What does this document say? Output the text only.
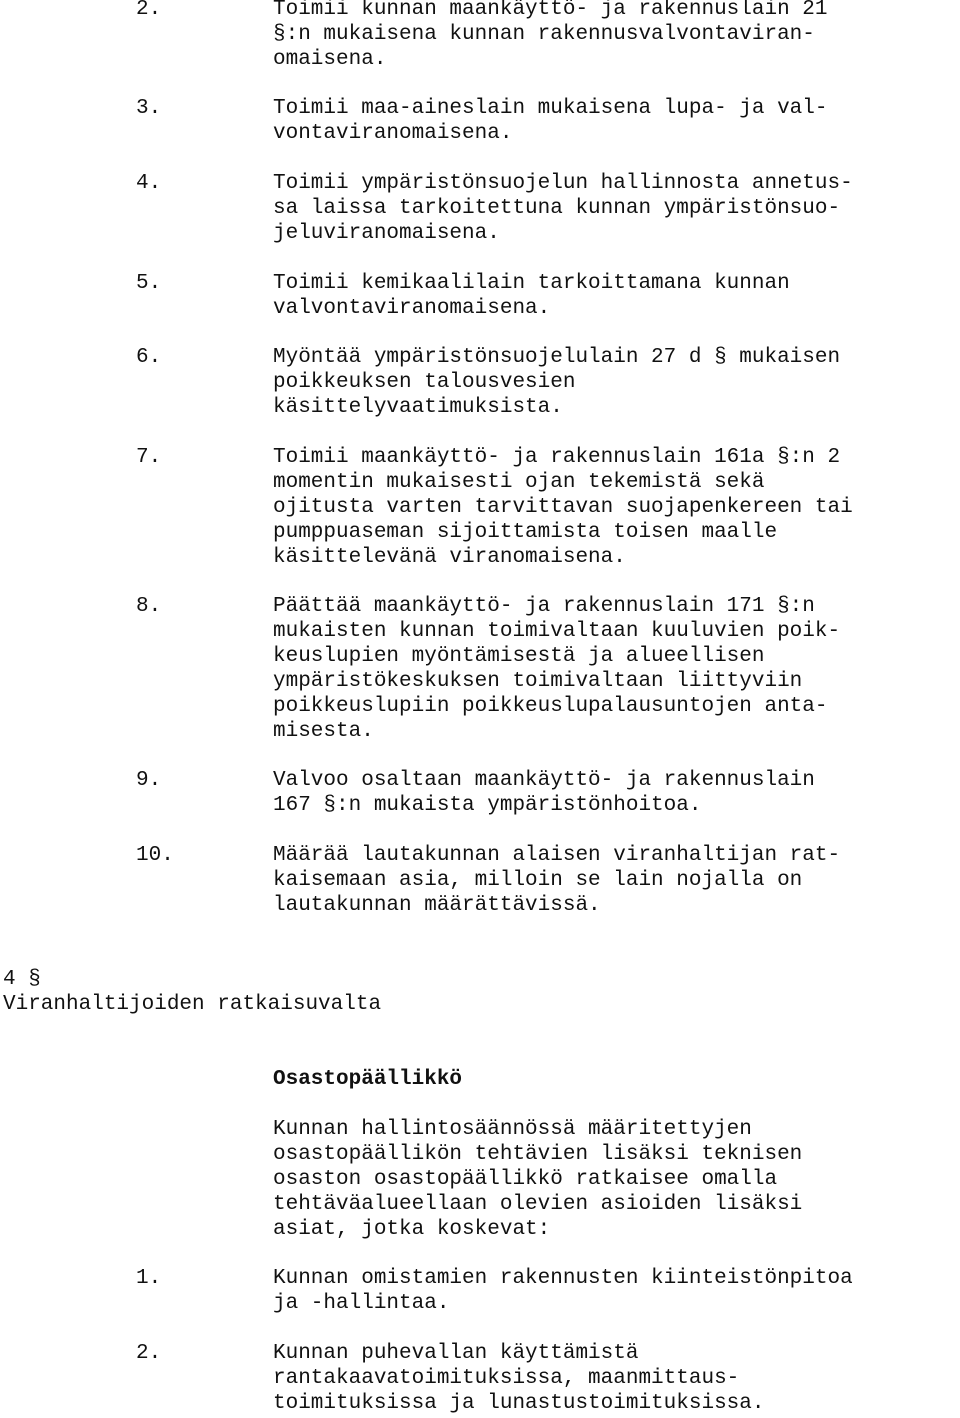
2.	Toimii kunnan maankäyttö- ja rakennuslain 21
§:n mukaisena kunnan rakennusvalvontaviran-
omaisena.
3.	Toimii maa-aineslain mukaisena lupa- ja val-
vontaviranomaisena.
4.	Toimii ympäristönsuojelun hallinnosta annetus-
sa laissa tarkoitettuna kunnan ympäristönsuo-
jeluviranomaisena.
5.	Toimii kemikaalilain tarkoittamana kunnan
valvontaviranomaisena.
6.	Myöntää ympäristönsuojelulain 27 d § mukaisen
poikkeuksen talousvesien
käsittelyvaatimuksista.
7.	Toimii maankäyttö- ja rakennuslain 161a §:n 2
momentin mukaisesti ojan tekemistä sekä
ojitusta varten tarvittavan suojapenkereen tai
pumppuaseman sijoittamista toisen maalle
käsittelevänä viranomaisena.
8.	Päättää maankäyttö- ja rakennuslain 171 §:n
mukaisten kunnan toimivaltaan kuuluvien poik-
keuslupien myöntämisestä ja alueellisen
ympäristökeskuksen toimivaltaan liittyviin
poikkeuslupiin poikkeuslupalausuntojen anta-
misesta.
9.	Valvoo osaltaan maankäyttö- ja rakennuslain
167 §:n mukaista ympäristönhoitoa.
10.	Määrää lautakunnan alaisen viranhaltijan rat-
kaisemaan asia, milloin se lain nojalla on
lautakunnan määrättävissä.
4 §
Viranhaltijoiden ratkaisuvalta
Osastopäällikkö
Kunnan hallintosäännössä määritettyjen
osastopäällikön tehtävien lisäksi teknisen
osaston osastopäällikkö ratkaisee omalla
tehtäväalueellaan olevien asioiden lisäksi
asiat, jotka koskevat:
1.	Kunnan omistamien rakennusten kiinteistönpitoa
ja -hallintaa.
2.	Kunnan puhevallan käyttämistä
rantakaavatoimituksissa, maanmittaus-
toimituksissa ja lunastustoimituksissa.
